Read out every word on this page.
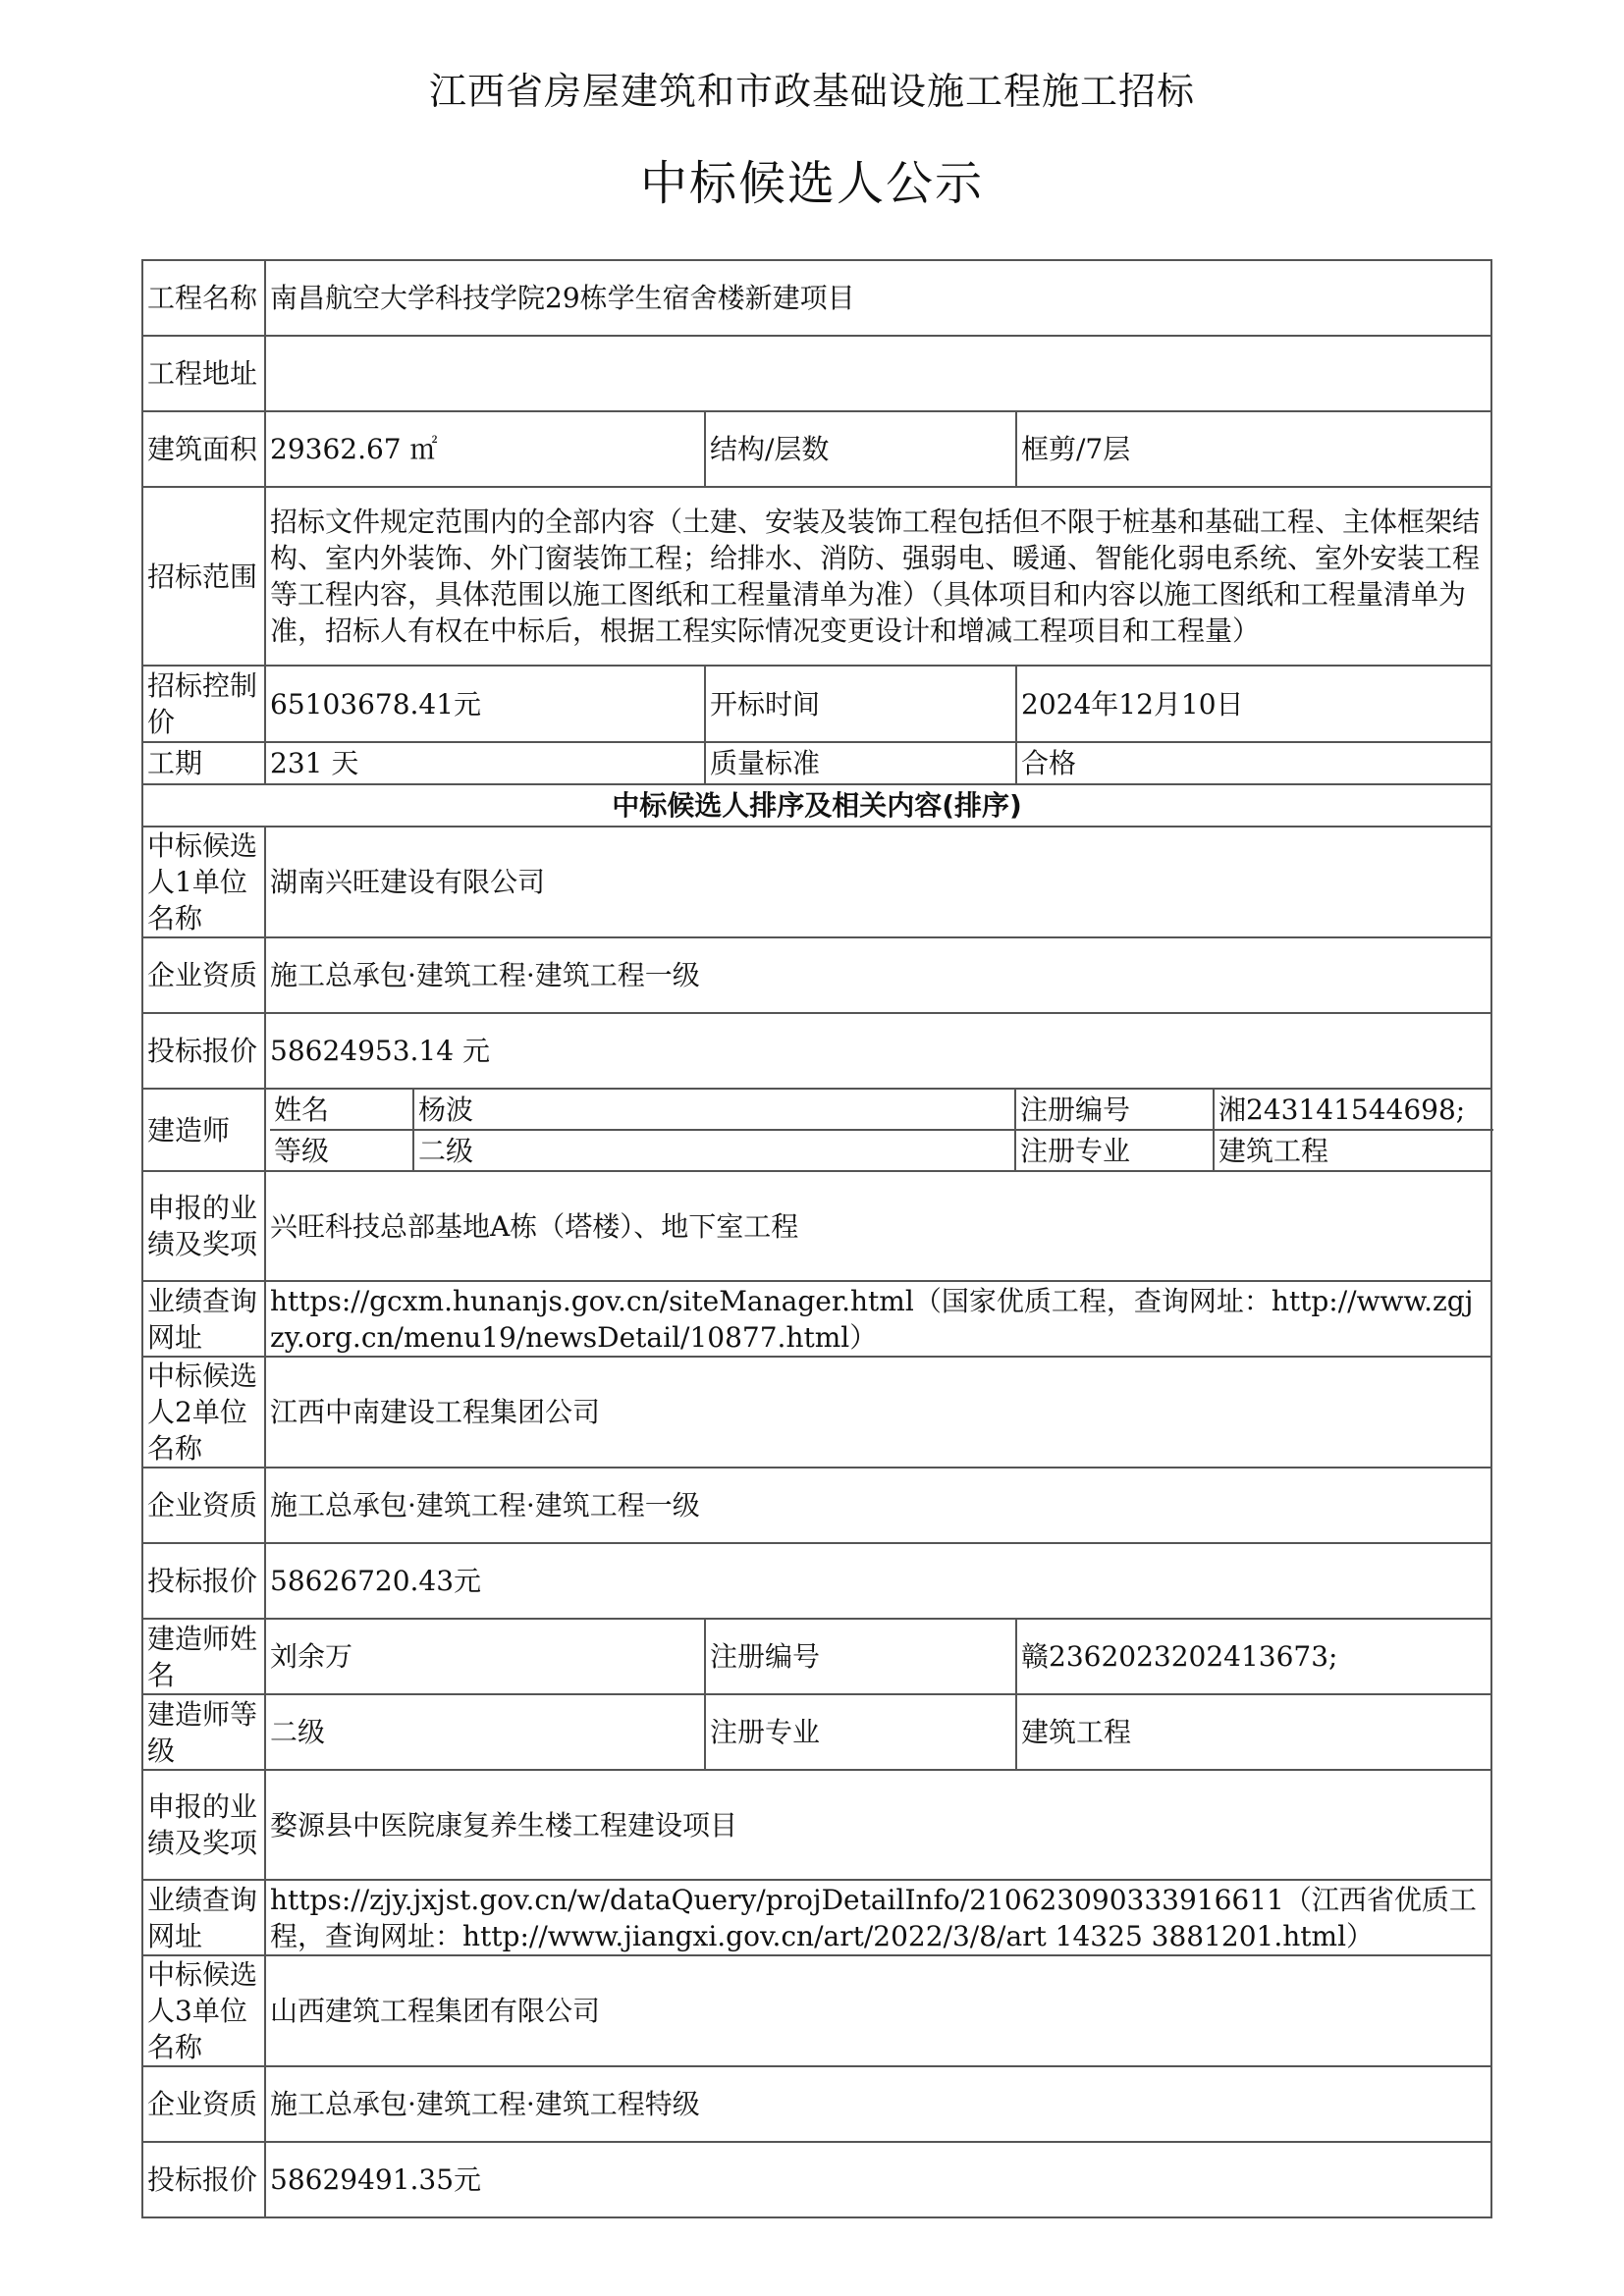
江西省房屋建筑和市政基础设施工程施工招标
中标候选人公示
工程名称	南昌航空大学科技学院29栋学生宿舍楼新建项目
工程地址	
建筑面积	29362.67 ㎡	结构/层数	框剪/7层
招标范围	招标文件规定范围内的全部内容（土建、安装及装饰工程包括但不限于桩基和基础工程、主体框架结构、室内外装饰、外门窗装饰工程；给排水、消防、强弱电、暖通、智能化弱电系统、室外安装工程等工程内容，具体范围以施工图纸和工程量清单为准）（具体项目和内容以施工图纸和工程量清单为准，招标人有权在中标后，根据工程实际情况变更设计和增减工程项目和工程量）
招标控制价	65103678.41元	开标时间	2024年12月10日
工期	231 天	质量标准	合格
中标候选人排序及相关内容(排序)
中标候选人1单位名称	湖南兴旺建设有限公司
企业资质	施工总承包·建筑工程·建筑工程一级
投标报价	58624953.14 元
建造师	
姓名	杨波	注册编号	湘243141544698;
等级	二级	注册专业	建筑工程

申报的业绩及奖项	兴旺科技总部基地A栋（塔楼）、地下室工程
业绩查询网址	https://gcxm.hunanjs.gov.cn/siteManager.html（国家优质工程，查询网址：http://www.zgjzy.org.cn/menu19/newsDetail/10877.html）
中标候选人2单位名称	江西中南建设工程集团公司
企业资质	施工总承包·建筑工程·建筑工程一级
投标报价	58626720.43元
建造师姓名	刘余万	注册编号	赣2362023202413673;
建造师等级	二级	注册专业	建筑工程
申报的业绩及奖项	婺源县中医院康复养生楼工程建设项目
业绩查询网址	https://zjy.jxjst.gov.cn/w/dataQuery/projDetailInfo/210623090333916611（江西省优质工程，查询网址：http://www.jiangxi.gov.cn/art/2022/3/8/art 14325 3881201.html）
中标候选人3单位名称	山西建筑工程集团有限公司
企业资质	施工总承包·建筑工程·建筑工程特级
投标报价	58629491.35元
